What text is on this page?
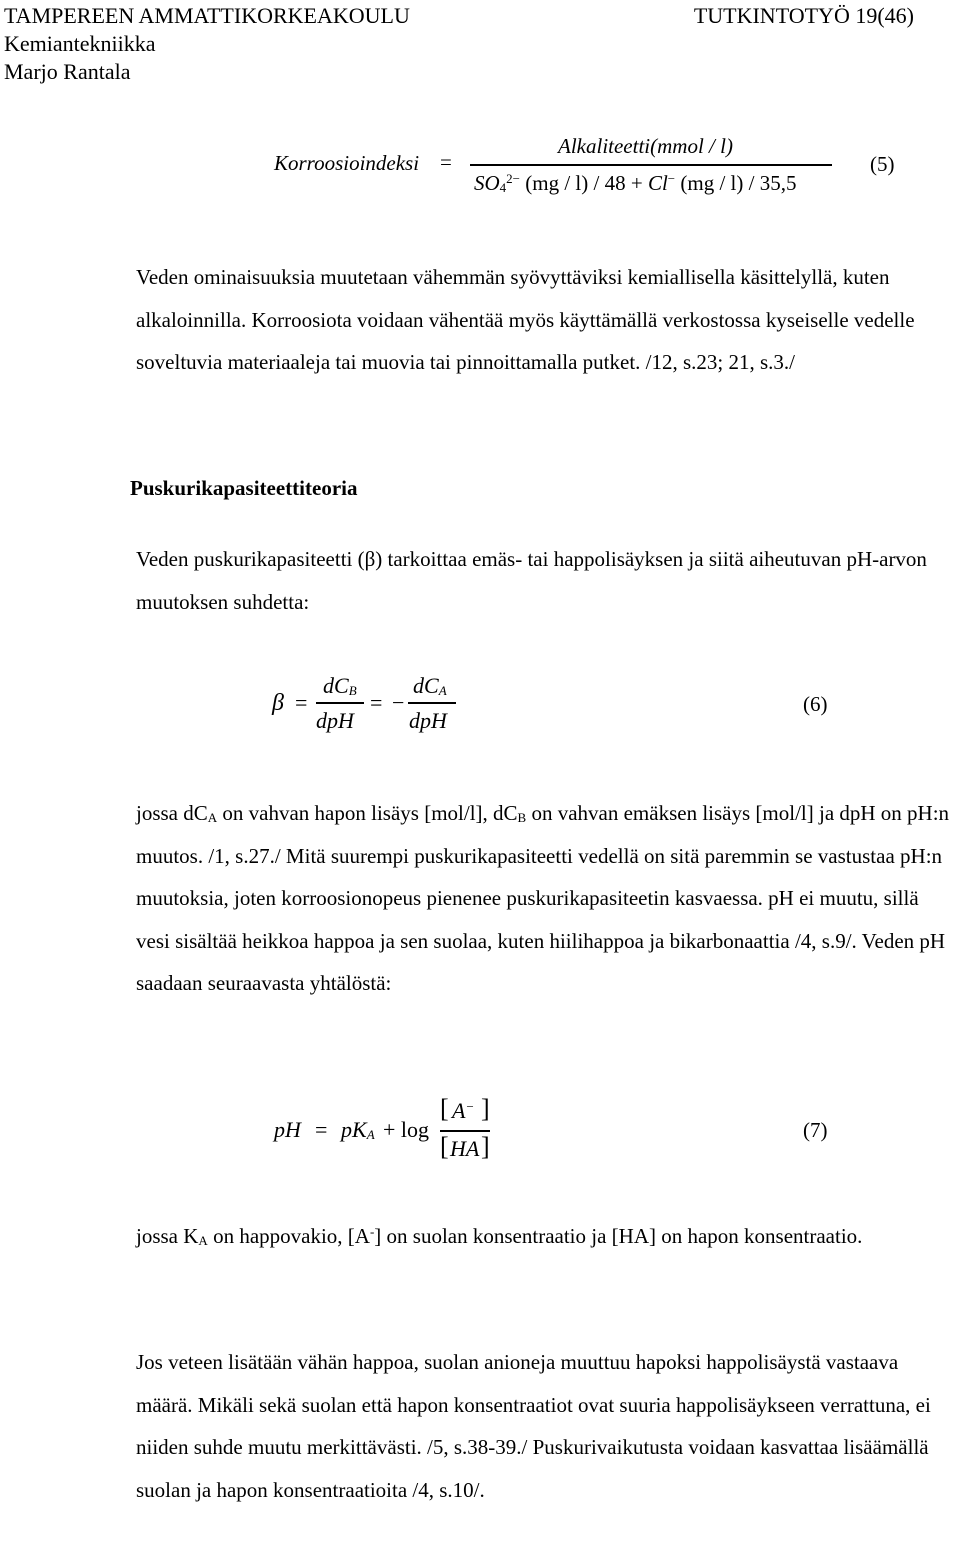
TAMPEREEN AMMATTIKORKEAKOULU	TUTKINTOTYÖ 19(46)
Kemiantekniikka
Marjo Rantala
Korroosioindeksi =
Alkaliteetti(mmol / l)
$SO_4^{2-}$ (mg / l) / 48 + Cl− (mg / l) / 35,5
(5)
Veden ominaisuuksia muutetaan vähemmän syövyttäviksi kemiallisella käsittelyllä, kuten alkaloinnilla. Korroosiota voidaan vähentää myös käyttämällä verkostossa kyseiselle vedelle soveltuvia materiaaleja tai muovia tai pinnoittamalla putket. /12, s.23; 21, s.3./
Puskurikapasiteettiteoria
Veden puskurikapasiteetti (β) tarkoittaa emäs- tai happolisäyksen ja siitä aiheutuvan pH-arvon muutoksen suhdetta:
β =
$dC_B$
dpH
= −
$dC_A$
dpH
(6)
jossa $dC_A$ on vahvan hapon lisäys [mol/l], $dC_B$ on vahvan emäksen lisäys [mol/l] ja dpH on pH:n muutos. /1, s.27./ Mitä suurempi puskurikapasiteetti vedellä on sitä paremmin se vastustaa pH:n muutoksia, joten korroosionopeus pienenee puskurikapasiteetin kasvaessa. pH ei muutu, sillä vesi sisältää heikkoa happoa ja sen suolaa, kuten hiilihappoa ja bikarbonaattia /4, s.9/. Veden pH saadaan seuraavasta yhtälöstä:
pH = $pK_A + \log$
[ A− ]
[ HA ]
(7)
jossa $K_A$ on happovakio, [A-] on suolan konsentraatio ja [HA] on hapon konsentraatio.
Jos veteen lisätään vähän happoa, suolan anioneja muuttuu hapoksi happolisäystä vastaava määrä. Mikäli sekä suolan että hapon konsentraatiot ovat suuria happolisäykseen verrattuna, ei niiden suhde muutu merkittävästi. /5, s.38-39./ Puskurivaikutusta voidaan kasvattaa lisäämällä suolan ja hapon konsentraatioita /4, s.10/.
